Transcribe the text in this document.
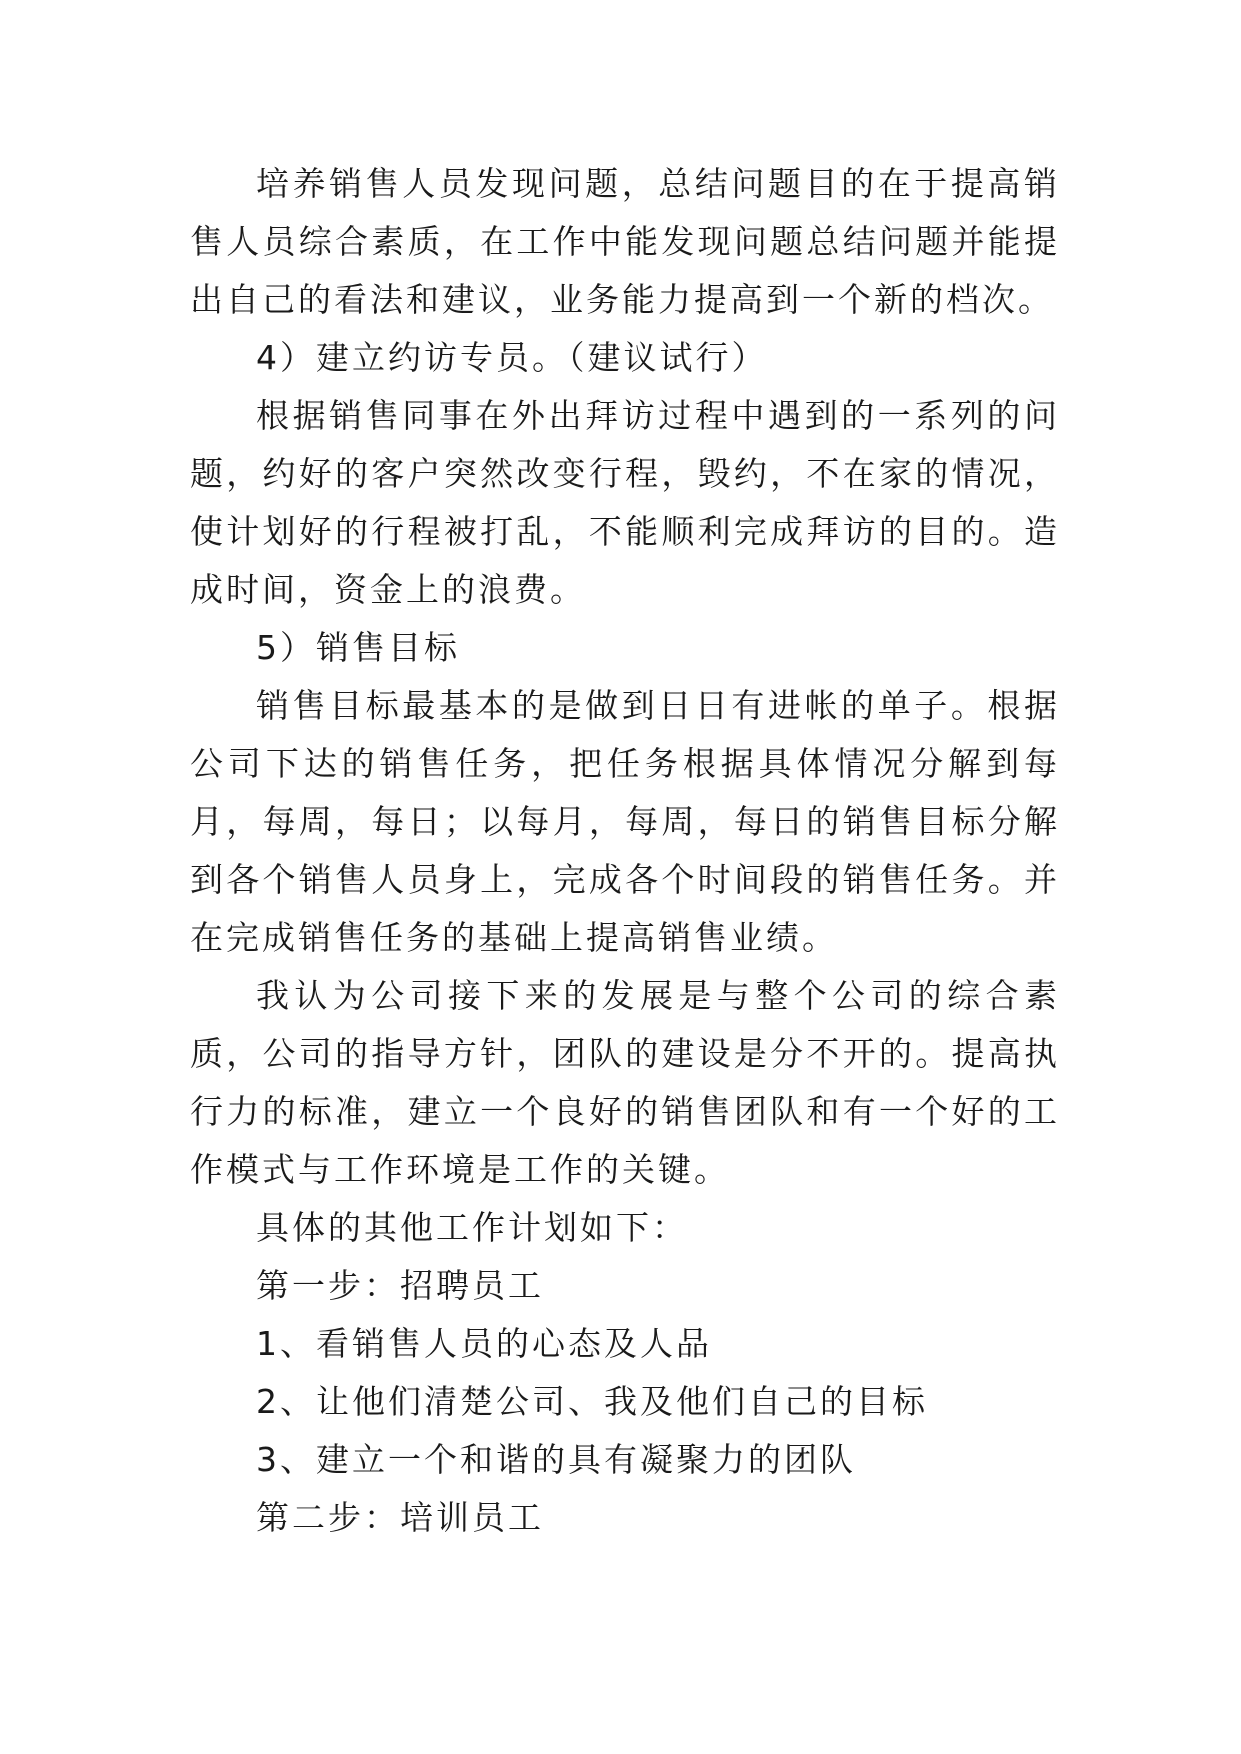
培养销售人员发现问题，总结问题目的在于提高销售人员综合素质，在工作中能发现问题总结问题并能提出自己的看法和建议，业务能力提高到一个新的档次。

4）建立约访专员。（建议试行）

根据销售同事在外出拜访过程中遇到的一系列的问题，约好的客户突然改变行程，毁约，不在家的情况，使计划好的行程被打乱，不能顺利完成拜访的目的。造成时间，资金上的浪费。

5）销售目标

销售目标最基本的是做到日日有进帐的单子。根据公司下达的销售任务，把任务根据具体情况分解到每月，每周，每日；以每月，每周，每日的销售目标分解到各个销售人员身上，完成各个时间段的销售任务。并在完成销售任务的基础上提高销售业绩。

我认为公司接下来的发展是与整个公司的综合素质，公司的指导方针，团队的建设是分不开的。提高执行力的标准，建立一个良好的销售团队和有一个好的工作模式与工作环境是工作的关键。

具体的其他工作计划如下：

第一步：招聘员工

1、看销售人员的心态及人品

2、让他们清楚公司、我及他们自己的目标

3、建立一个和谐的具有凝聚力的团队

第二步：培训员工
